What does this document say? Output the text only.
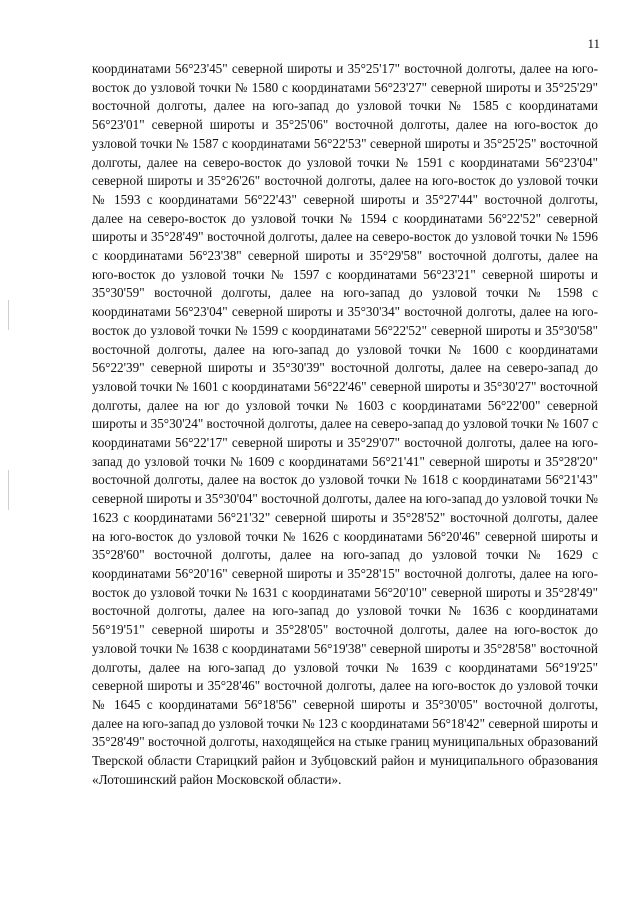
11

координатами 56°23'45" северной широты и 35°25'17" восточной долготы, далее на юго-восток до узловой точки № 1580 с координатами 56°23'27" северной широты и 35°25'29" восточной долготы, далее на юго-запад до узловой точки № 1585 с координатами 56°23'01" северной широты и 35°25'06" восточной долготы, далее на юго-восток до узловой точки № 1587 с координатами 56°22'53" северной широты и 35°25'25" восточной долготы, далее на северо-восток до узловой точки № 1591 с координатами 56°23'04" северной широты и 35°26'26" восточной долготы, далее на юго-восток до узловой точки № 1593 с координатами 56°22'43" северной широты и 35°27'44" восточной долготы, далее на северо-восток до узловой точки № 1594 с координатами 56°22'52" северной широты и 35°28'49" восточной долготы, далее на северо-восток до узловой точки № 1596 с координатами 56°23'38" северной широты и 35°29'58" восточной долготы, далее на юго-восток до узловой точки № 1597 с координатами 56°23'21" северной широты и 35°30'59" восточной долготы, далее на юго-запад до узловой точки № 1598 с координатами 56°23'04" северной широты и 35°30'34" восточной долготы, далее на юго-восток до узловой точки № 1599 с координатами 56°22'52" северной широты и 35°30'58" восточной долготы, далее на юго-запад до узловой точки № 1600 с координатами 56°22'39" северной широты и 35°30'39" восточной долготы, далее на северо-запад до узловой точки № 1601 с координатами 56°22'46" северной широты и 35°30'27" восточной долготы, далее на юг до узловой точки № 1603 с координатами 56°22'00" северной широты и 35°30'24" восточной долготы, далее на северо-запад до узловой точки № 1607 с координатами 56°22'17" северной широты и 35°29'07" восточной долготы, далее на юго-запад до узловой точки № 1609 с координатами 56°21'41" северной широты и 35°28'20" восточной долготы, далее на восток до узловой точки № 1618 с координатами 56°21'43" северной широты и 35°30'04" восточной долготы, далее на юго-запад до узловой точки № 1623 с координатами 56°21'32" северной широты и 35°28'52" восточной долготы, далее на юго-восток до узловой точки № 1626 с координатами 56°20'46" северной широты и 35°28'60" восточной долготы, далее на юго-запад до узловой точки № 1629 с координатами 56°20'16" северной широты и 35°28'15" восточной долготы, далее на юго-восток до узловой точки № 1631 с координатами 56°20'10" северной широты и 35°28'49" восточной долготы, далее на юго-запад до узловой точки № 1636 с координатами 56°19'51" северной широты и 35°28'05" восточной долготы, далее на юго-восток до узловой точки № 1638 с координатами 56°19'38" северной широты и 35°28'58" восточной долготы, далее на юго-запад до узловой точки № 1639 с координатами 56°19'25" северной широты и 35°28'46" восточной долготы, далее на юго-восток до узловой точки № 1645 с координатами 56°18'56" северной широты и 35°30'05" восточной долготы, далее на юго-запад до узловой точки № 123 с координатами 56°18'42" северной широты и 35°28'49" восточной долготы, находящейся на стыке границ муниципальных образований Тверской области Старицкий район и Зубцовский район и муниципального образования «Лотошинский район Московской области».
